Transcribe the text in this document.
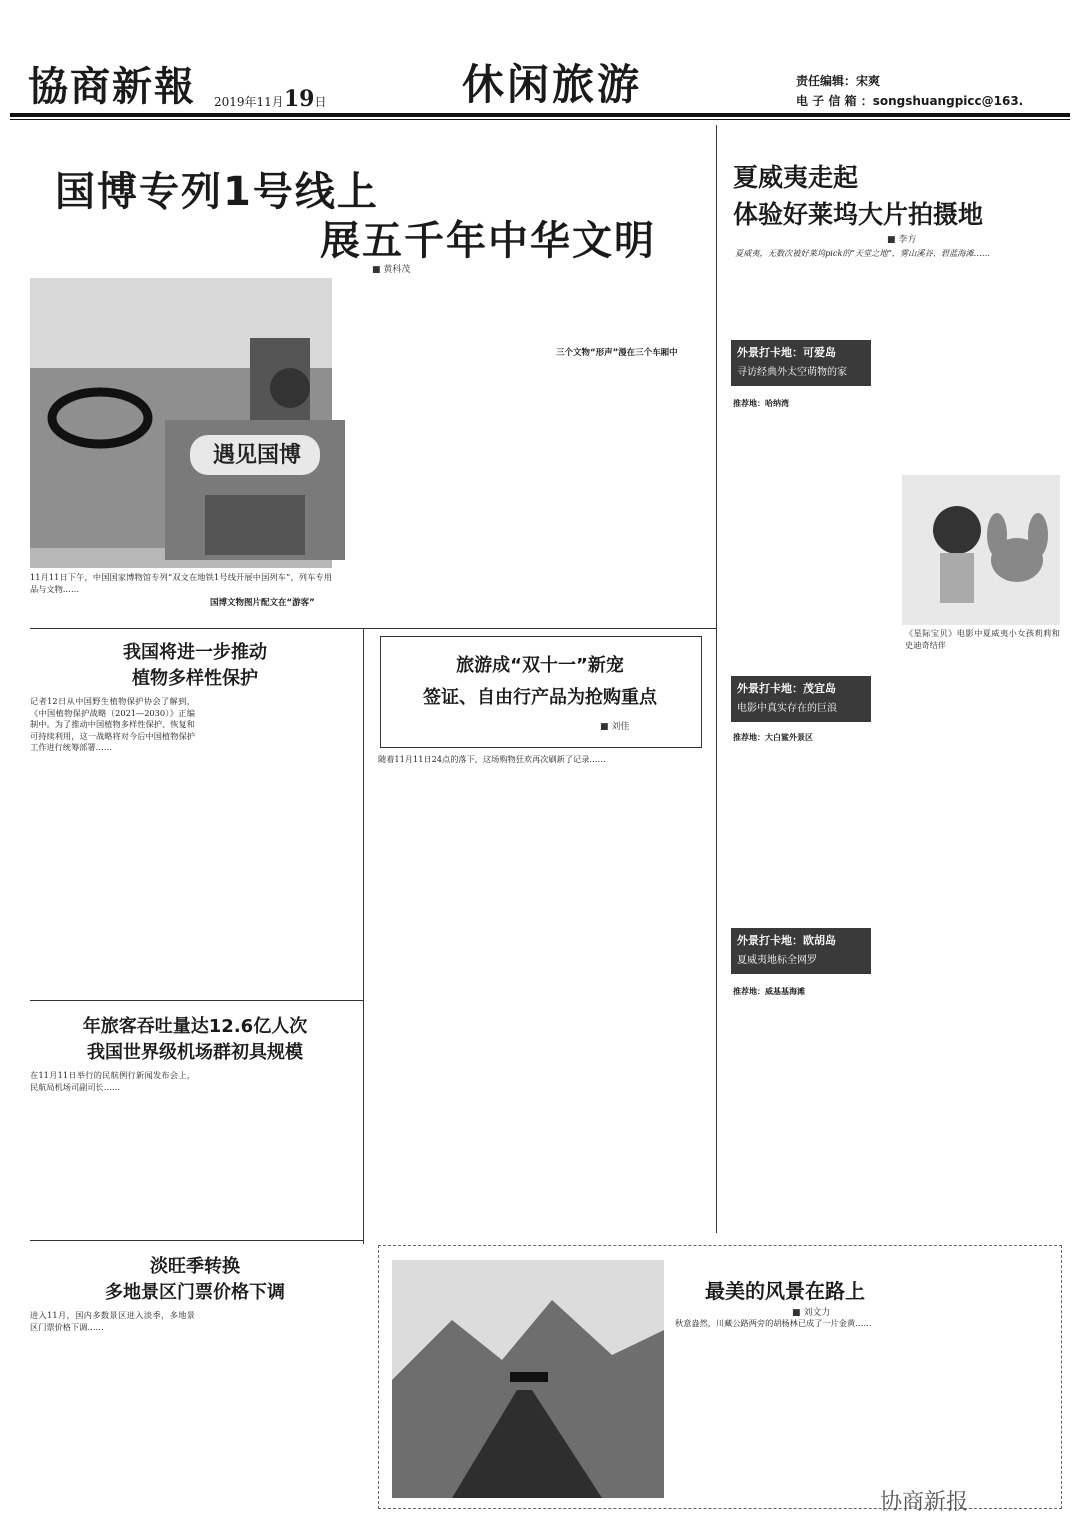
協商新報 2019年11月19日	休闲旅游	责任编辑：宋爽
电 子 信 箱 ：songshuangpicc@163.
国博专列1号线上
展五千年中华文明
■ 黄科茂
遇见国博
11月11日下午，中国国家博物馆专列“双文在地铁1号线开展中国列车”，列车专用品与文物……
国博文物图片配文在“游客”
三个文物“形声”漫在三个车厢中
夏威夷走起
体验好莱坞大片拍摄地
■ 李方
夏威夷，无数次被好莱坞pick的“天堂之地”，雾山溪谷、碧蓝海滩……
外景打卡地：可爱岛
寻访经典外太空萌物的家
推荐地：哈纳湾
《星际宝贝》电影中夏威夷小女孩莉莉和史迪奇结伴
外景打卡地：茂宜岛
电影中真实存在的巨浪
推荐地：大白鲨外景区
外景打卡地：欧胡岛
夏威夷地标全网罗
推荐地：威基基海滩
我国将进一步推动
植物多样性保护
记者12日从中国野生植物保护协会了解到，《中国植物保护战略（2021—2030）》正编制中。为了推动中国植物多样性保护、恢复和可持续利用，这一战略将对今后中国植物保护工作进行统筹部署……
年旅客吞吐量达12.6亿人次
我国世界级机场群初具规模
在11月11日举行的民航例行新闻发布会上，民航局机场司副司长……
旅游成“双十一”新宠
签证、自由行产品为抢购重点
■ 刘佳
随着11月11日24点的落下，这场购物狂欢再次刷新了记录……
淡旺季转换
多地景区门票价格下调
进入11月，国内多数景区进入淡季，多地景区门票价格下调……
最美的风景在路上
■ 刘文力
秋意盎然，川藏公路两旁的胡杨林已成了一片金黄……
协商新报
